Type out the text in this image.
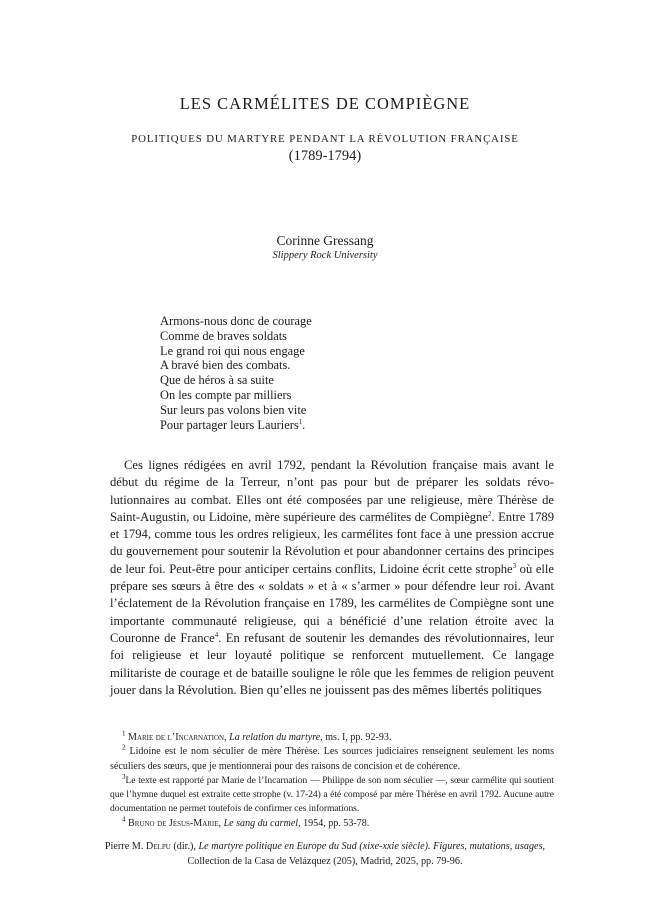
LES CARMÉLITES DE COMPIÈGNE
POLITIQUES DU MARTYRE PENDANT LA RÉVOLUTION FRANÇAISE
(1789-1794)
Corinne Gressang
Slippery Rock University
Armons-nous donc de courage
Comme de braves soldats
Le grand roi qui nous engage
A bravé bien des combats.
Que de héros à sa suite
On les compte par milliers
Sur leurs pas volons bien vite
Pour partager leurs Lauriers$^1$.
Ces lignes rédigées en avril 1792, pendant la Révolution française mais avant le début du régime de la Terreur, n’ont pas pour but de préparer les soldats révolutionnaires au combat. Elles ont été composées par une religieuse, mère Thérèse de Saint-Augustin, ou Lidoine, mère supérieure des carmélites de Compiègne$^2$. Entre 1789 et 1794, comme tous les ordres religieux, les carmélites font face à une pression accrue du gouvernement pour soutenir la Révolution et pour abandonner certains des principes de leur foi. Peut-être pour anticiper certains conflits, Lidoine écrit cette strophe$^3$ où elle prépare ses sœurs à être des « soldats » et à « s’armer » pour défendre leur roi. Avant l’éclatement de la Révolution française en 1789, les carmélites de Compiègne sont une importante communauté religieuse, qui a bénéficié d’une relation étroite avec la Couronne de France$^4$. En refusant de soutenir les demandes des révolutionnaires, leur foi religieuse et leur loyauté politique se renforcent mutuellement. Ce langage militariste de courage et de bataille souligne le rôle que les femmes de religion peuvent jouer dans la Révolution. Bien qu’elles ne jouissent pas des mêmes libertés politiques

$^1$ Marie de l’Incarnation, La relation du martyre, ms. I, pp. 92-93.

$^2$ Lidoine est le nom séculier de mère Thérèse. Les sources judiciaires renseignent seulement les noms séculiers des sœurs, que je mentionnerai pour des raisons de concision et de cohérence.

$^3$Le texte est rapporté par Marie de l’Incarnation — Philippe de son nom séculier —, sœur carmélite qui soutient que l’hymne duquel est extraite cette strophe (v. 17-24) a été composé par mère Thérèse en avril 1792. Aucune autre documentation ne permet toutefois de confirmer ces informations.

$^4$ Bruno de Jésus-Marie, Le sang du carmel, 1954, pp. 53-78.

Pierre M. Delpu (dir.), Le martyre politique en Europe du Sud (xixe-xxie siècle). Figures, mutations, usages,
Collection de la Casa de Velázquez (205), Madrid, 2025, pp. 79-96.
